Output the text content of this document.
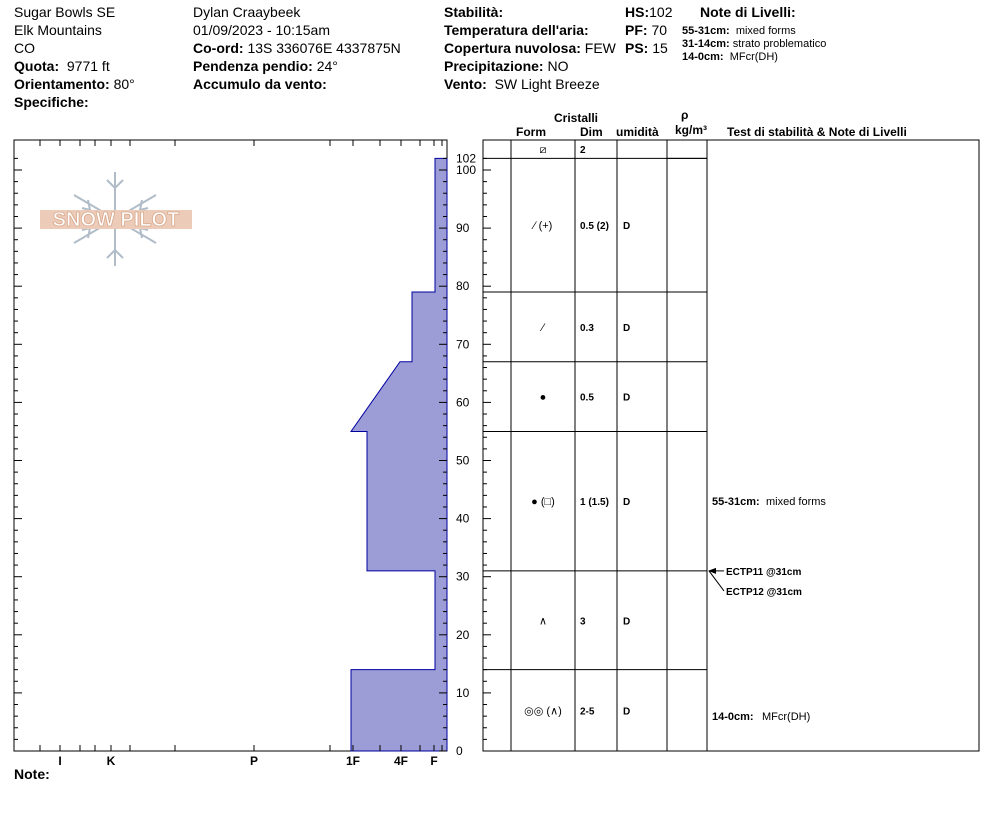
Sugar Bowls SE
Elk Mountains
CO
Quota: 9771 ft
Orientamento: 80°
Specifiche:
Dylan Craaybeek
01/09/2023 - 10:15am
Co-ord: 13S 336076E 4337875N
Pendenza pendio: 24°
Accumulo da vento:
Stabilità:
Temperatura dell'aria:
Copertura nuvolosa: FEW
Precipitazione: NO
Vento: SW Light Breeze
HS:102
PF: 70
PS: 15
Note di Livelli:
55-31cm: mixed forms
31-14cm: strato problematico
14-0cm: MFcr(DH)
Cristalli
Form	Dim umidità
ρ
kg/m³ Test di stabilità & Note di Livelli
Note:
SNOW PILOT
I	K	P	1F	4F F
0
10
20
30
40
50
60
70
80
90
100
102
⧄	2
⁄ (+)	0.5 (2) D
⁄	0.3	D
●	0.5	D
● (□)	1 (1.5) D
∧	3	D
◎◎ (∧) 2-5	D
ECTP11 @31cm
ECTP12 @31cm
55-31cm: mixed forms
14-0cm: MFcr(DH)
